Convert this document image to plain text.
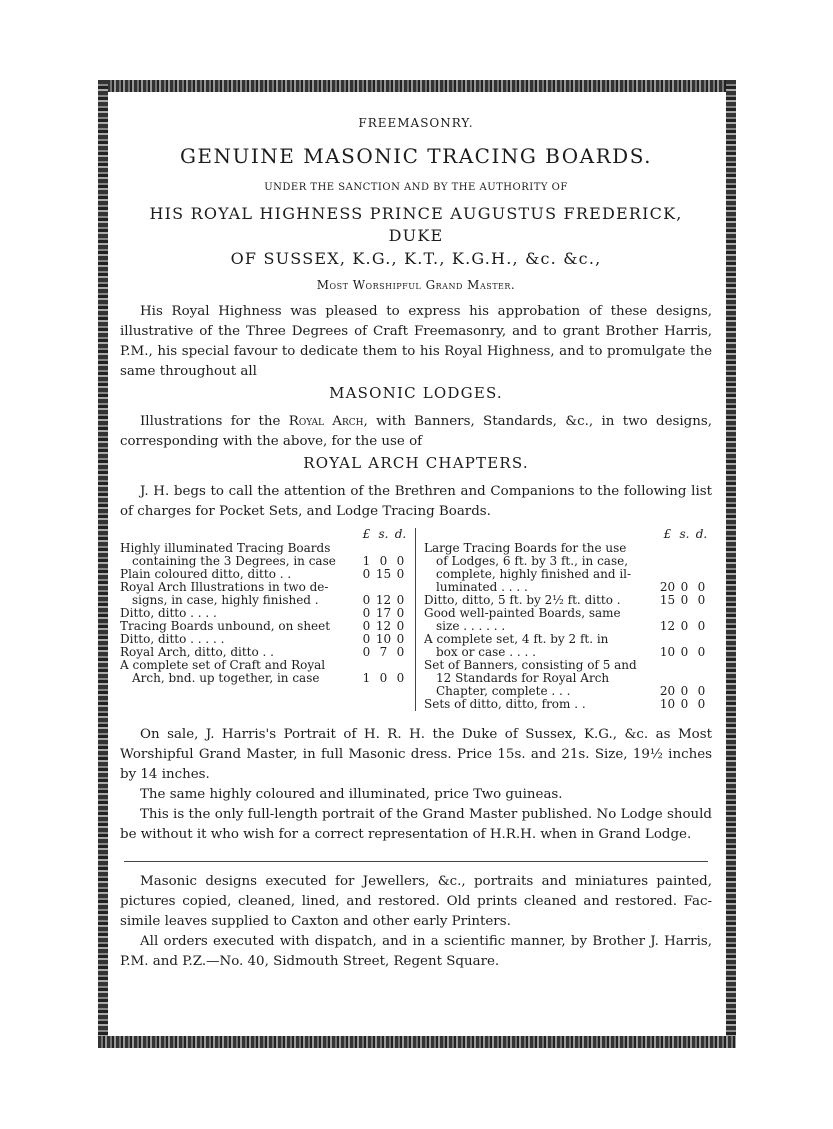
FREEMASONRY.
GENUINE MASONIC TRACING BOARDS.
UNDER THE SANCTION AND BY THE AUTHORITY OF
HIS ROYAL HIGHNESS PRINCE AUGUSTUS FREDERICK, DUKE
OF SUSSEX, K.G., K.T., K.G.H., &c. &c.,
Most Worshipful Grand Master.

His Royal Highness was pleased to express his approbation of these designs, illustrative of the Three Degrees of Craft Freemasonry, and to grant Brother Harris, P.M., his special favour to dedicate them to his Royal Highness, and to promulgate the same throughout all

MASONIC LODGES.

Illustrations for the Royal Arch, with Banners, Standards, &c., in two designs, corresponding with the above, for the use of

ROYAL ARCH CHAPTERS.

J. H. begs to call the attention of the Brethren and Companions to the following list of charges for Pocket Sets, and Lodge Tracing Boards.

£ s. d.
Highly illuminated Tracing Boards
containing the 3 Degrees, in case	1 0 0
Plain coloured ditto, ditto . .	0 15 0
Royal Arch Illustrations in two de-
signs, in case, highly finished .	0 12 0
Ditto, ditto . . . .	0 17 0
Tracing Boards unbound, on sheet	0 12 0
Ditto, ditto . . . . .	0 10 0
Royal Arch, ditto, ditto . .	0 7 0
A complete set of Craft and Royal
Arch, bnd. up together, in case	1 0 0
£ s. d.
Large Tracing Boards for the use
of Lodges, 6 ft. by 3 ft., in case,
complete, highly finished and il-
luminated . . . .	20 0 0
Ditto, ditto, 5 ft. by 2½ ft. ditto .	15 0 0
Good well-painted Boards, same
size . . . . . .	12 0 0
A complete set, 4 ft. by 2 ft. in
box or case . . . .	10 0 0
Set of Banners, consisting of 5 and
12 Standards for Royal Arch
Chapter, complete . . .	20 0 0
Sets of ditto, ditto, from . .	10 0 0

On sale, J. Harris's Portrait of H. R. H. the Duke of Sussex, K.G., &c. as Most Worshipful Grand Master, in full Masonic dress. Price 15s. and 21s. Size, 19½ inches by 14 inches.

The same highly coloured and illuminated, price Two guineas.

This is the only full-length portrait of the Grand Master published. No Lodge should be without it who wish for a correct representation of H.R.H. when in Grand Lodge.

Masonic designs executed for Jewellers, &c., portraits and miniatures painted, pictures copied, cleaned, lined, and restored. Old prints cleaned and restored. Fac-simile leaves supplied to Caxton and other early Printers.

All orders executed with dispatch, and in a scientific manner, by Brother J. Harris, P.M. and P.Z.—No. 40, Sidmouth Street, Regent Square.
